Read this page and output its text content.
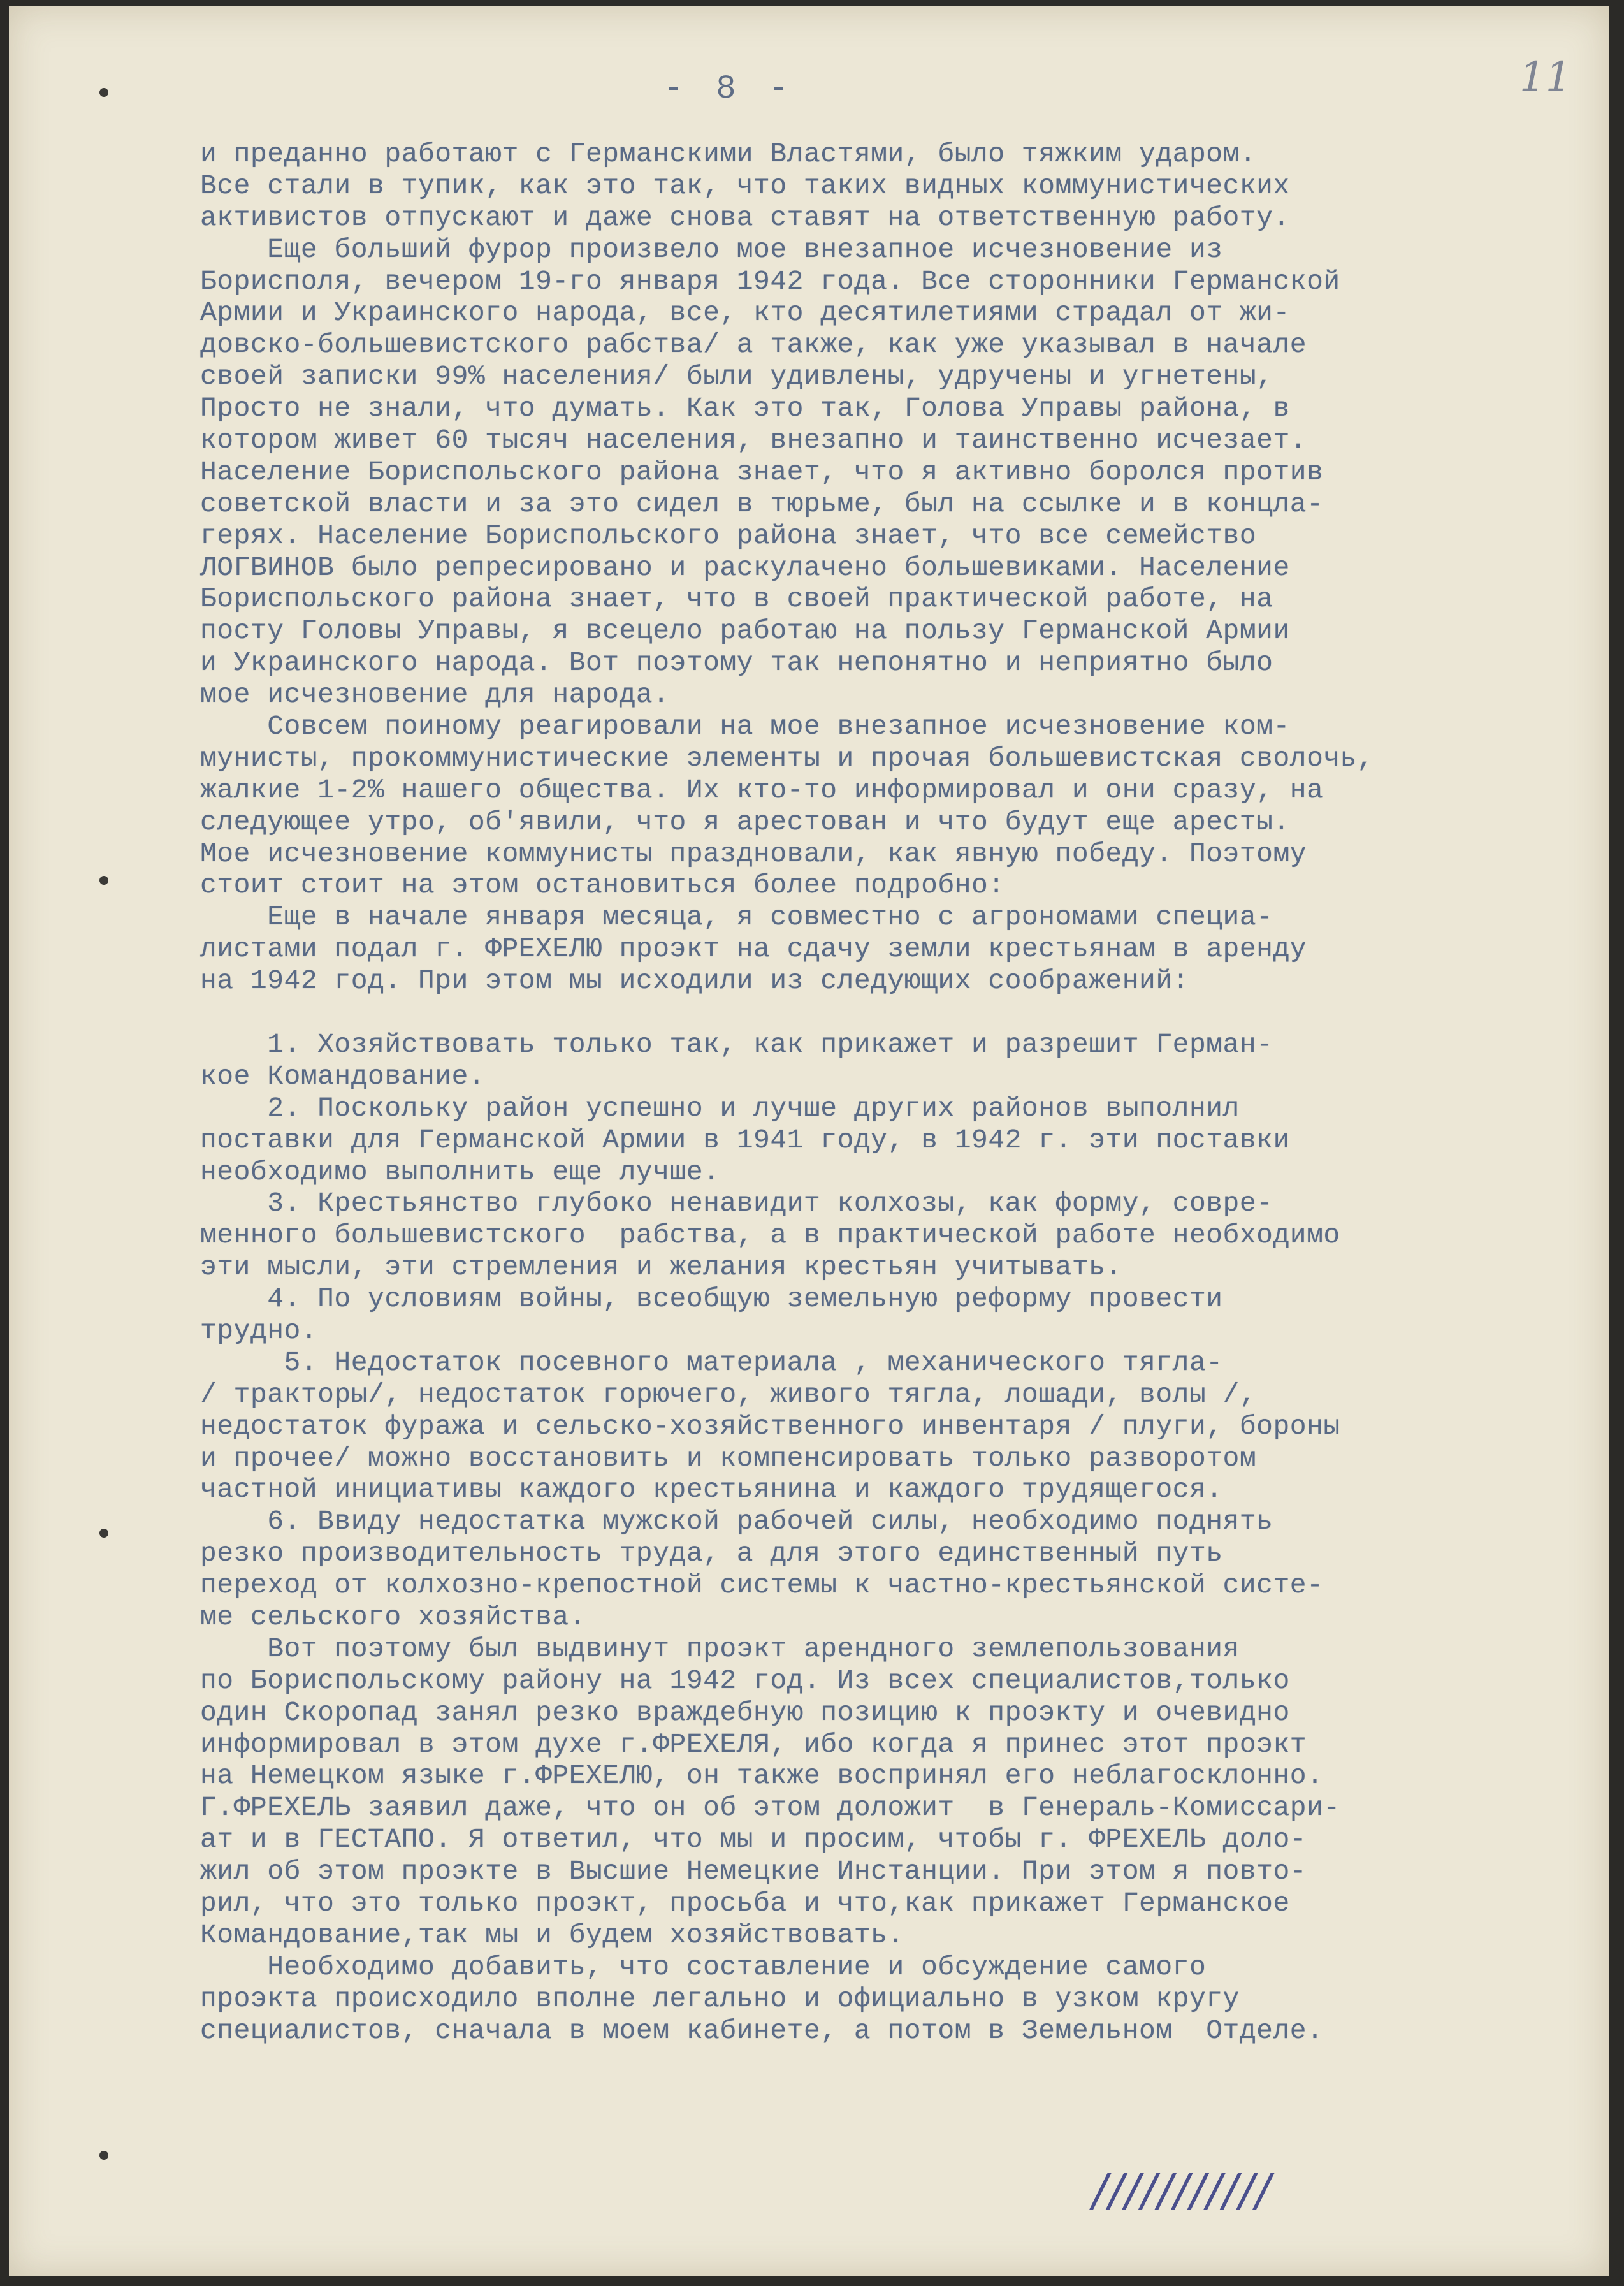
- 8 -	11
и преданно работают с Германскими Властями, было тяжким ударом.
Все стали в тупик, как это так, что таких видных коммунистических
активистов отпускают и даже снова ставят на ответственную работу.
Еще больший фурор произвело мое внезапное исчезновение из
Борисполя, вечером 19-го января 1942 года. Все сторонники Германской
Армии и Украинского народа, все, кто десятилетиями страдал от жи-
довско-большевистского рабства/ а также, как уже указывал в начале
своей записки 99% населения/ были удивлены, удручены и угнетены,
Просто не знали, что думать. Как это так, Голова Управы района, в
котором живет 60 тысяч населения, внезапно и таинственно исчезает.
Население Бориспольского района знает, что я активно боролся против
советской власти и за это сидел в тюрьме, был на ссылке и в концла-
герях. Население Бориспольского района знает, что все семейство
ЛОГВИНОВ было репресировано и раскулачено большевиками. Население
Бориспольского района знает, что в своей практической работе, на
посту Головы Управы, я всецело работаю на пользу Германской Армии
и Украинского народа. Вот поэтому так непонятно и неприятно было
мое исчезновение для народа.
Совсем поиному реагировали на мое внезапное исчезновение ком-
мунисты, прокоммунистические элементы и прочая большевистская сволочь,
жалкие 1-2% нашего общества. Их кто-то информировал и они сразу, на
следующее утро, об'явили, что я арестован и что будут еще аресты.
Мое исчезновение коммунисты праздновали, как явную победу. Поэтому
стоит стоит на этом остановиться более подробно:
Еще в начале января месяца, я совместно с агрономами специа-
листами подал г. ФРЕХЕЛЮ проэкт на сдачу земли крестьянам в аренду
на 1942 год. При этом мы исходили из следующих соображений:
1. Хозяйствовать только так, как прикажет и разрешит Герман-
кое Командование.
2. Поскольку район успешно и лучше других районов выполнил
поставки для Германской Армии в 1941 году, в 1942 г. эти поставки
необходимо выполнить еще лучше.
3. Крестьянство глубоко ненавидит колхозы, как форму, совре-
менного большевистского  рабства, а в практической работе необходимо
эти мысли, эти стремления и желания крестьян учитывать.
4. По условиям войны, всеобщую земельную реформу провести
трудно.
5. Недостаток посевного материала , механического тягла-
/ тракторы/, недостаток горючего, живого тягла, лошади, волы /,
недостаток фуража и сельско-хозяйственного инвентаря / плуги, бороны
и прочее/ можно восстановить и компенсировать только разворотом
частной инициативы каждого крестьянина и каждого трудящегося.
6. Ввиду недостатка мужской рабочей силы, необходимо поднять
резко производительность труда, а для этого единственный путь
переход от колхозно-крепостной системы к частно-крестьянской систе-
ме сельского хозяйства.
Вот поэтому был выдвинут проэкт арендного землепользования
по Бориспольскому району на 1942 год. Из всех специалистов,только
один Скоропад занял резко враждебную позицию к проэкту и очевидно
информировал в этом духе г.ФРЕХЕЛЯ, ибо когда я принес этот проэкт
на Немецком языке г.ФРЕХЕЛЮ, он также воспринял его неблагосклонно.
Г.ФРЕХЕЛЬ заявил даже, что он об этом доложит  в Генераль-Комиссари-
ат и в ГЕСТАПО. Я ответил, что мы и просим, чтобы г. ФРЕХЕЛЬ доло-
жил об этом проэкте в Высшие Немецкие Инстанции. При этом я повто-
рил, что это только проэкт, просьба и что,как прикажет Германское
Командование,так мы и будем хозяйствовать.
Необходимо добавить, что составление и обсуждение самого
проэкта происходило вполне легально и официально в узком кругу
специалистов, сначала в моем кабинете, а потом в Земельном  Отделе.
///////////
